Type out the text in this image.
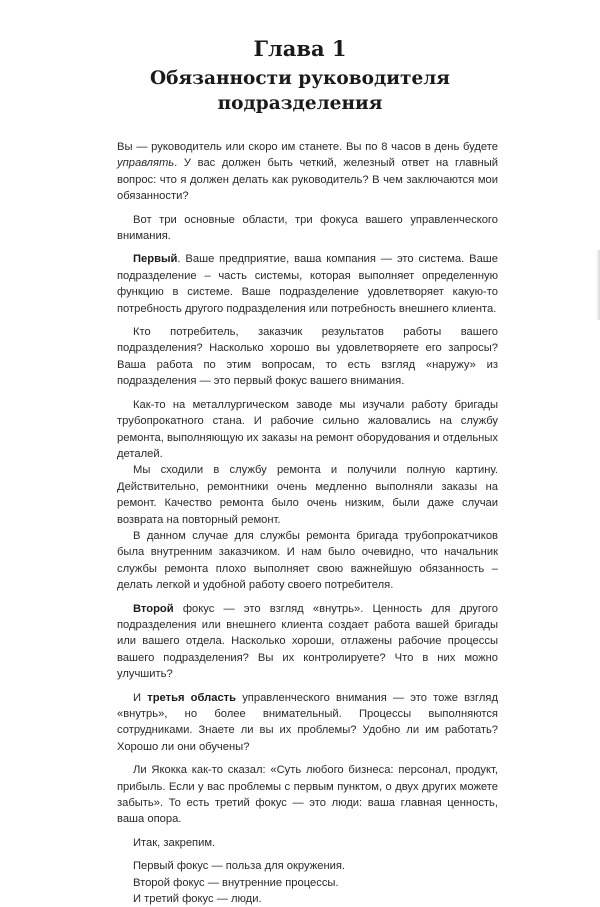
Глава 1
Обязанности руководителя
подразделения

Вы — руководитель или скоро им станете. Вы по 8 часов в день будете управлять. У вас должен быть четкий, железный ответ на главный вопрос: что я должен делать как руководитель? В чем заключаются мои обязанности?

Вот три основные области, три фокуса вашего управленческого внимания.

Первый. Ваше предприятие, ваша компания — это система. Ваше подразделение – часть системы, которая выполняет определенную функцию в системе. Ваше подразделение удовлетворяет какую-то потребность другого подразделения или потребность внешнего клиента.

Кто потребитель, заказчик результатов работы вашего подразделения? Насколько хорошо вы удовлетворяете его запросы? Ваша работа по этим вопросам, то есть взгляд «наружу» из подразделения — это первый фокус вашего внимания.

Как-то на металлургическом заводе мы изучали работу бригады трубопрокатного стана. И рабочие сильно жаловались на службу ремонта, выполняющую их заказы на ремонт оборудования и отдельных деталей.

Мы сходили в службу ремонта и получили полную картину. Действительно, ремонтники очень медленно выполняли заказы на ремонт. Качество ремонта было очень низким, были даже случаи возврата на повторный ремонт.

В данном случае для службы ремонта бригада трубопрокатчиков была внутренним заказчиком. И нам было очевидно, что начальник службы ремонта плохо выполняет свою важнейшую обязанность – делать легкой и удобной работу своего потребителя.

Второй фокус — это взгляд «внутрь». Ценность для другого подразделения или внешнего клиента создает работа вашей бригады или вашего отдела. Насколько хороши, отлажены рабочие процессы вашего подразделения? Вы их контролируете? Что в них можно улучшить?

И третья область управленческого внимания — это тоже взгляд «внутрь», но более внимательный. Процессы выполняются сотрудниками. Знаете ли вы их проблемы? Удобно ли им работать? Хорошо ли они обучены?

Ли Якокка как-то сказал: «Суть любого бизнеса: персонал, продукт, прибыль. Если у вас проблемы с первым пунктом, о двух других можете забыть». То есть третий фокус — это люди: ваша главная ценность, ваша опора.

Итак, закрепим.

Первый фокус — польза для окружения.

Второй фокус — внутренние процессы.

И третий фокус — люди.
